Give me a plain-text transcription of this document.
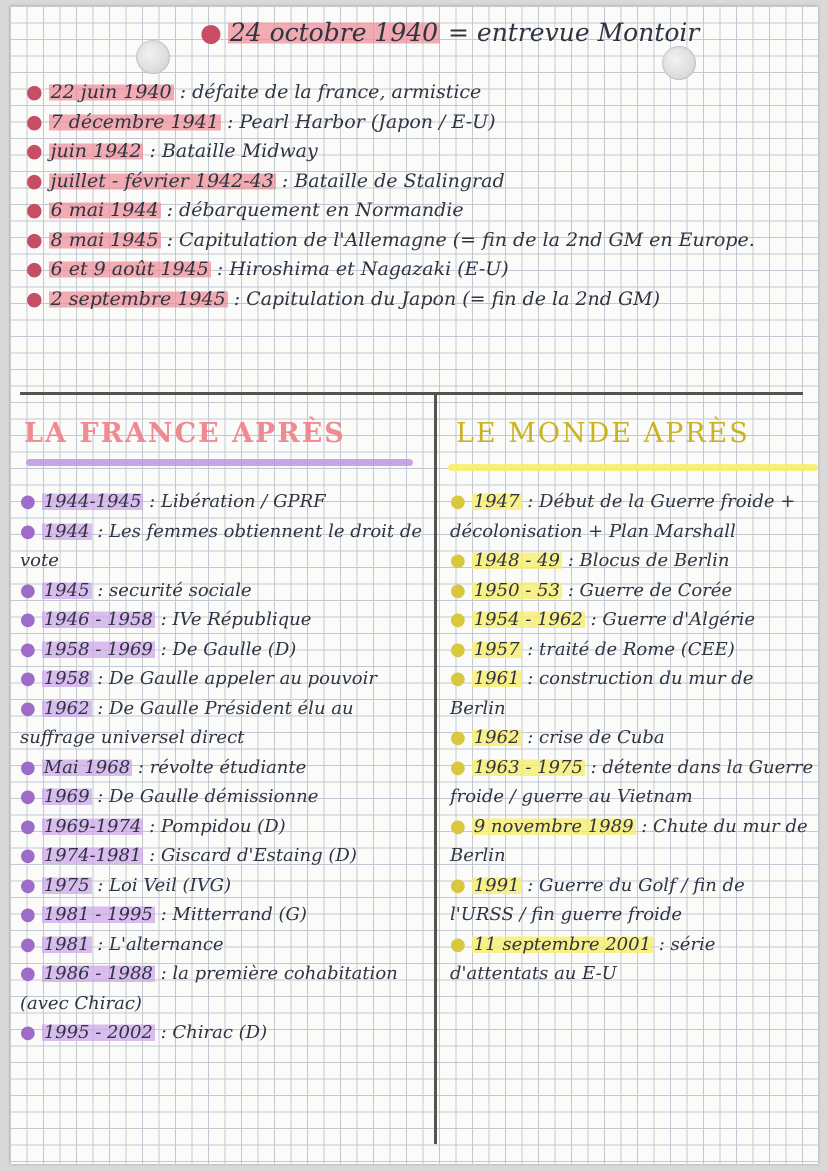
● 24 octobre 1940 = entrevue Montoir
● 22 juin 1940 : défaite de la france, armistice
● 7 décembre 1941 : Pearl Harbor (Japon / E-U)
● juin 1942 : Bataille Midway
● juillet - février 1942-43 : Bataille de Stalingrad
● 6 mai 1944 : débarquement en Normandie
● 8 mai 1945 : Capitulation de l'Allemagne (= fin de la 2nd GM en Europe.
● 6 et 9 août 1945 : Hiroshima et Nagazaki (E-U)
● 2 septembre 1945 : Capitulation du Japon (= fin de la 2nd GM)
LA FRANCE APRÈS	LE MONDE APRÈS
● 1944-1945 : Libération / GPRF
● 1944 : Les femmes obtiennent le droit de vote
● 1945 : securité sociale
● 1946 - 1958 : IVe République
● 1958 - 1969 : De Gaulle (D)
● 1958 : De Gaulle appeler au pouvoir
● 1962 : De Gaulle Président élu au suffrage universel direct
● Mai 1968 : révolte étudiante
● 1969 : De Gaulle démissionne
● 1969-1974 : Pompidou (D)
● 1974-1981 : Giscard d'Estaing (D)
● 1975 : Loi Veil (IVG)
● 1981 - 1995 : Mitterrand (G)
● 1981 : L'alternance
● 1986 - 1988 : la première cohabitation (avec Chirac)
● 1995 - 2002 : Chirac (D)
● 1947 : Début de la Guerre froide + décolonisation + Plan Marshall
● 1948 - 49 : Blocus de Berlin
● 1950 - 53 : Guerre de Corée
● 1954 - 1962 : Guerre d'Algérie
● 1957 : traité de Rome (CEE)
● 1961 : construction du mur de Berlin
● 1962 : crise de Cuba
● 1963 - 1975 : détente dans la Guerre froide / guerre au Vietnam
● 9 novembre 1989 : Chute du mur de Berlin
● 1991 : Guerre du Golf / fin de l'URSS / fin guerre froide
● 11 septembre 2001 : série d'attentats au E-U
